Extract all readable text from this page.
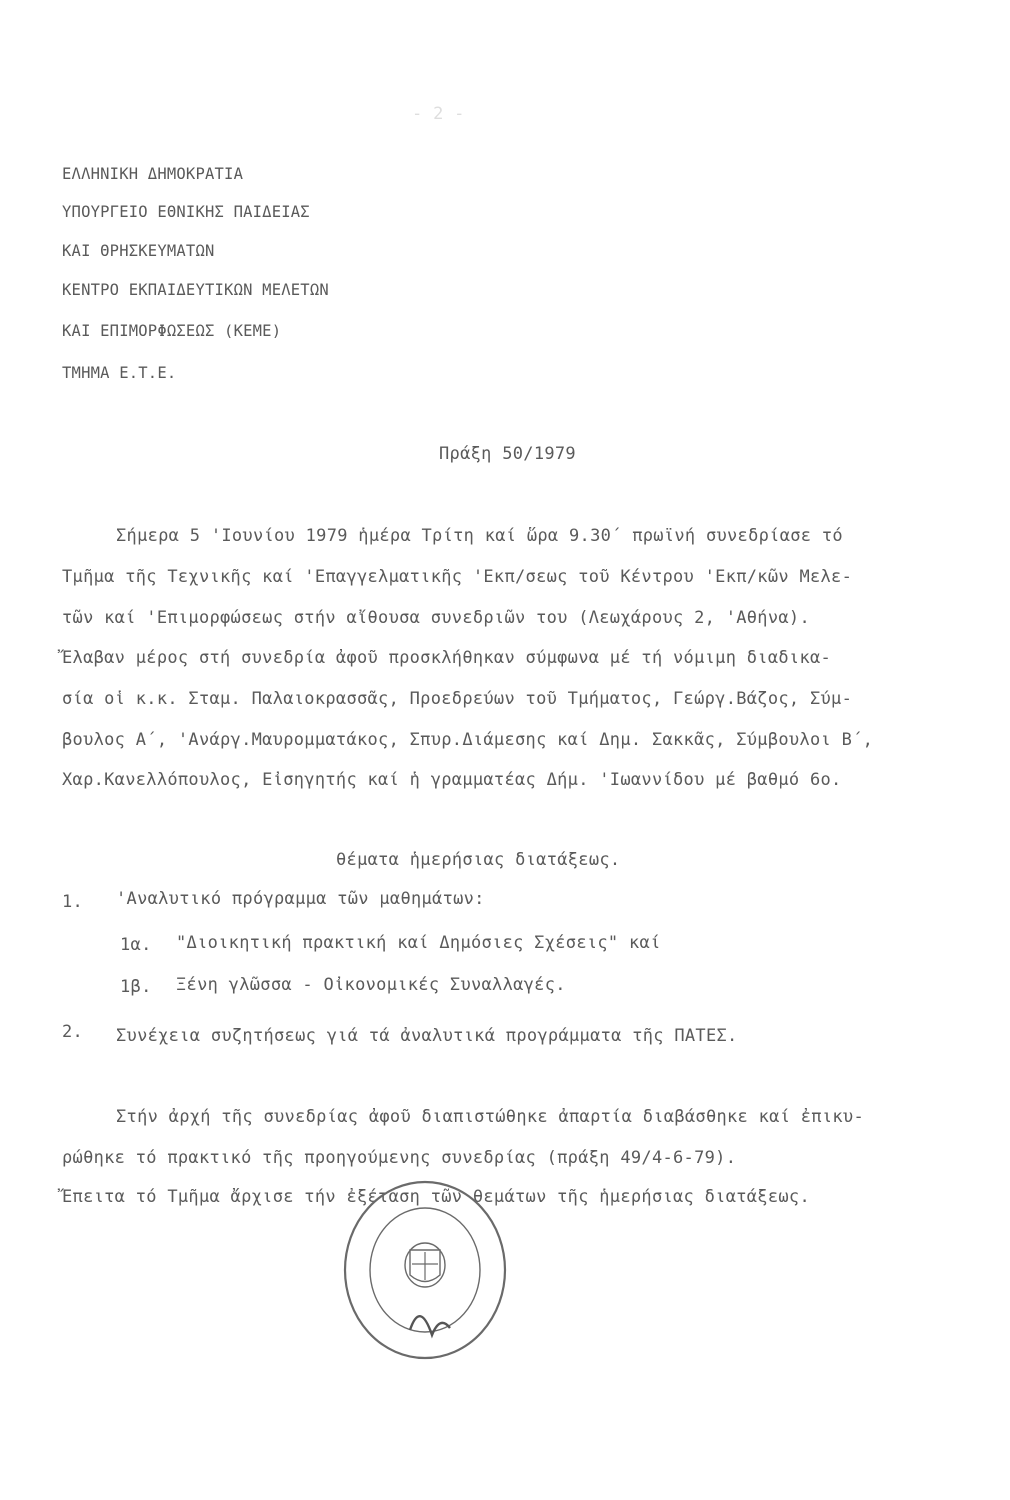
- 2 -
ΕΛΛΗΝΙΚΗ ΔΗΜΟΚΡΑΤΙΑ
ΥΠΟΥΡΓΕΙΟ ΕΘΝΙΚΗΣ ΠΑΙΔΕΙΑΣ
ΚΑΙ ΘΡΗΣΚΕΥΜΑΤΩΝ
ΚΕΝΤΡΟ ΕΚΠΑΙΔΕΥΤΙΚΩΝ ΜΕΛΕΤΩΝ
ΚΑΙ ΕΠΙΜΟΡΦΩΣΕΩΣ (ΚΕΜΕ)
ΤΜΗΜΑ Ε.Τ.Ε.
Πράξη 50/1979
Σήμερα 5 'Ιουνίου 1979 ἡμέρα Τρίτη καί ὥρα 9.30΄ πρωϊνή συνεδρίασε τό
Τμῆμα τῆς Τεχνικῆς καί 'Επαγγελματικῆς 'Εκπ/σεως τοῦ Κέντρου 'Εκπ/κῶν Μελε-
τῶν καί 'Επιμορφώσεως στήν αἴθουσα συνεδριῶν του (Λεωχάρους 2, 'Αθήνα).
Ἔλαβαν μέρος στή συνεδρία ἀφοῦ προσκλήθηκαν σύμφωνα μέ τή νόμιμη διαδικα-
σία οἱ κ.κ. Σταμ. Παλαιοκρασσᾶς, Προεδρεύων τοῦ Τμήματος, Γεώργ.Βάζος, Σύμ-
βουλος Α΄, 'Ανάργ.Μαυρομματάκος, Σπυρ.Διάμεσης καί Δημ. Σακκᾶς, Σύμβουλοι Β΄,
Χαρ.Κανελλόπουλος, Εἰσηγητής καί ἡ γραμματέας Δήμ. 'Ιωαννίδου μέ βαθμό 6ο.
θέματα ἡμερήσιας διατάξεως.
1. 'Αναλυτικό πρόγραμμα τῶν μαθημάτων:
1α. "Διοικητική πρακτική καί Δημόσιες Σχέσεις" καί
1β. Ξένη γλῶσσα - Οἰκονομικές Συναλλαγές.
2. Συνέχεια συζητήσεως γιά τά ἀναλυτικά προγράμματα τῆς ΠΑΤΕΣ.
Στήν ἀρχή τῆς συνεδρίας ἀφοῦ διαπιστώθηκε ἀπαρτία διαβάσθηκε καί ἐπικυ-
ρώθηκε τό πρακτικό τῆς προηγούμενης συνεδρίας (πράξη 49/4-6-79).
Ἔπειτα τό Τμῆμα ἄρχισε τήν ἐξέταση τῶν θεμάτων τῆς ἡμερήσιας διατάξεως.
